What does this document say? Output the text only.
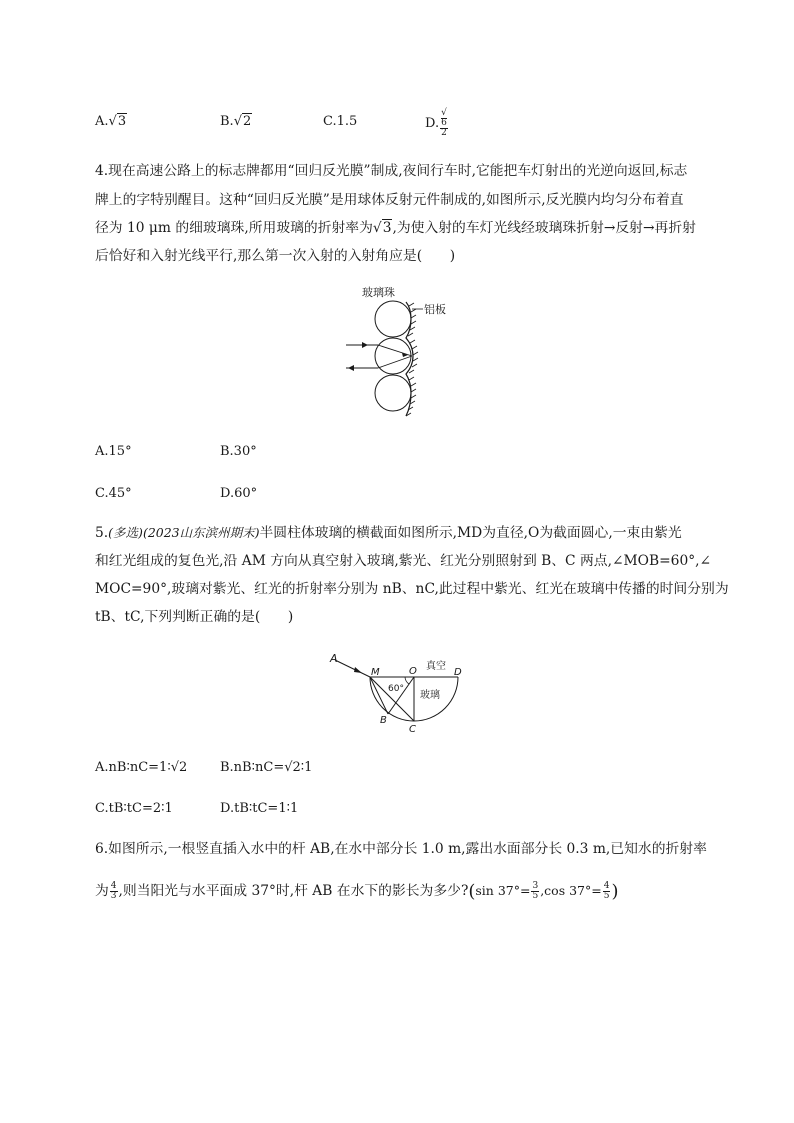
A.√3	B.√2	C.1.5	D. √
6
2
4.现在高速公路上的标志牌都用“回归反光膜”制成,夜间行车时,它能把车灯射出的光逆向返回,标志
牌上的字特别醒目。这种“回归反光膜”是用球体反射元件制成的,如图所示,反光膜内均匀分布着直
径为 10 μm 的细玻璃珠,所用玻璃的折射率为√3,为使入射的车灯光线经玻璃珠折射→反射→再折射
后恰好和入射光线平行,那么第一次入射的入射角应是(　　)
玻璃珠
铝板
A.15°	B.30°
C.45°	D.60°
5.(多选)(2023山东滨州期末)半圆柱体玻璃的横截面如图所示,MD为直径,O为截面圆心,一束由紫光
和红光组成的复色光,沿 AM 方向从真空射入玻璃,紫光、红光分别照射到 B、C 两点,∠MOB=60°,∠
MOC=90°,玻璃对紫光、红光的折射率分别为 nB、nC,此过程中紫光、红光在玻璃中传播的时间分别为
tB、tC,下列判断正确的是(　　)
A
M	O	D
B
C
60°
真空
玻璃
A.nB∶nC=1∶√2	B.nB∶nC=√2∶1
C.tB∶tC=2∶1	D.tB∶tC=1∶1
6.如图所示,一根竖直插入水中的杆 AB,在水中部分长 1.0 m,露出水面部分长 0.3 m,已知水的折射率
为 $\frac{4}{3}$ ,则当阳光与水平面成 37°时,杆 AB 在水下的影长为多少?(sin $37^\circ= \frac{3}{5} ,\cos$ $37^\circ= \frac{4}{5}$ )
